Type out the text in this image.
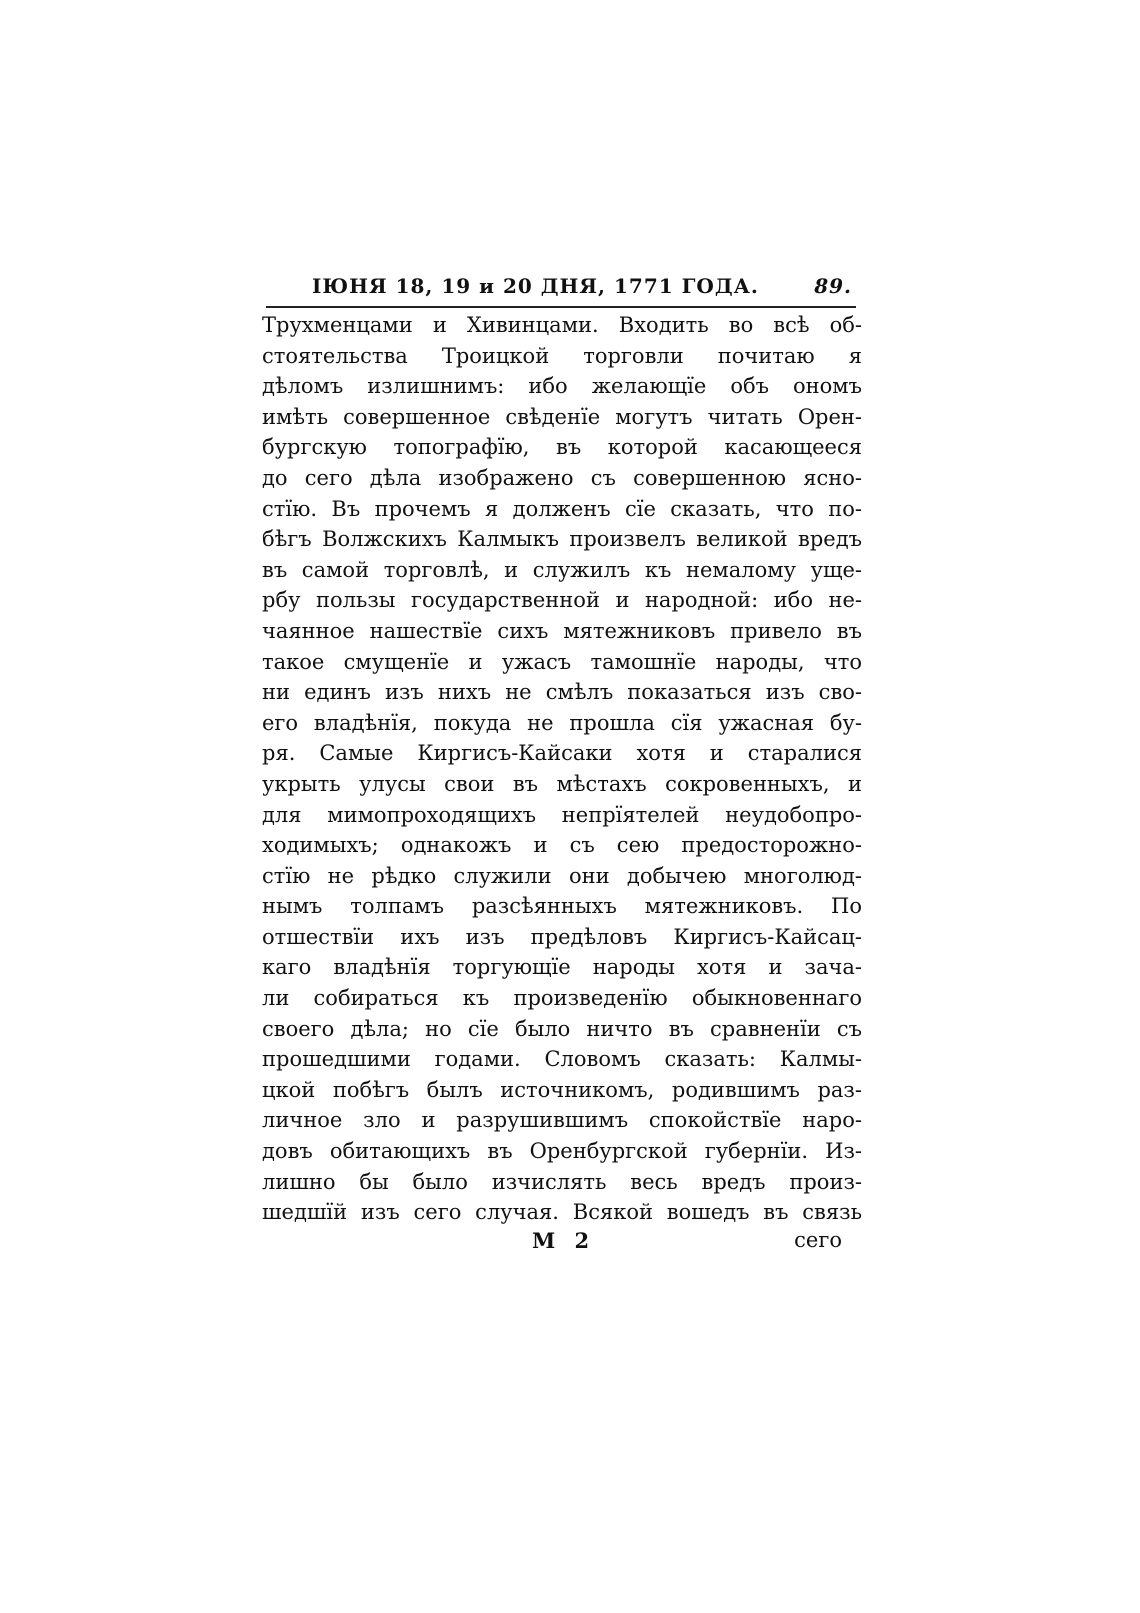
ІЮНЯ 18, 19 и 20 ДНЯ, 1771 ГОДА.	89.
Трухменцами и Хивинцами. Входить во всѣ об-
стоятельства Троицкой торговли почитаю я
дѣломъ излишнимъ: ибо желающїе объ ономъ
имѣть совершенное свѣденїе могутъ читать Орен-
бургскую топографїю, въ которой касающееся
до сего дѣла изображено съ совершенною ясно-
стїю. Въ прочемъ я долженъ сїе сказать, что по-
бѣгъ Волжскихъ Калмыкъ произвелъ великой вредъ
въ самой торговлѣ, и служилъ къ немалому уще-
рбу пользы государственной и народной: ибо не-
чаянное нашествїе сихъ мятежниковъ привело въ
такое смущенїе и ужасъ тамошнїе народы, что
ни единъ изъ нихъ не смѣлъ показаться изъ сво-
его владѣнїя, покуда не прошла сїя ужасная бу-
ря. Самые Киргисъ-Кайсаки хотя и старалися
укрыть улусы свои въ мѣстахъ сокровенныхъ, и
для мимопроходящихъ непрїятелей неудобопро-
ходимыхъ; однакожъ и съ сею предосторожно-
стїю не рѣдко служили они добычею многолюд-
нымъ толпамъ разсѣянныхъ мятежниковъ. По
отшествїи ихъ изъ предѣловъ Киргисъ-Кайсац-
каго владѣнїя торгующїе народы хотя и зача-
ли собираться къ произведенїю обыкновеннаго
своего дѣла; но сїе было ничто въ сравненїи съ
прошедшими годами. Словомъ сказать: Калмы-
цкой побѣгъ былъ источникомъ, родившимъ раз-
личное зло и разрушившимъ спокойствїе наро-
довъ обитающихъ въ Оренбургской губернїи. Из-
лишно бы было изчислять весь вредъ произ-
шедшїй изъ сего случая. Всякой вошедъ въ связь
M 2	сего
